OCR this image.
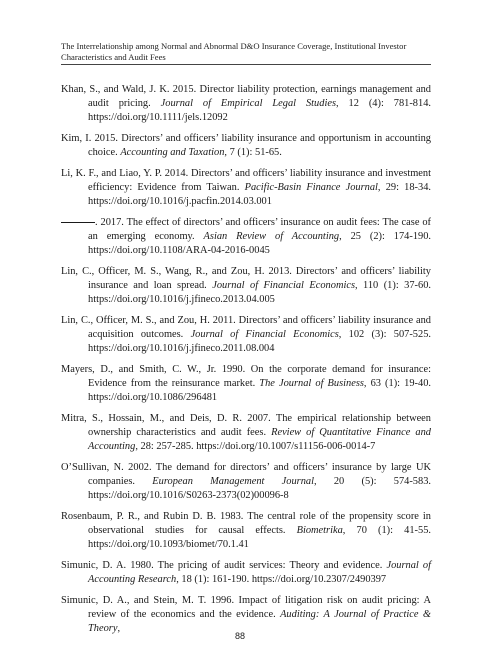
The Interrelationship among Normal and Abnormal D&O Insurance Coverage, Institutional Investor
Characteristics and Audit Fees

Khan, S., and Wald, J. K. 2015. Director liability protection, earnings management and audit pricing. Journal of Empirical Legal Studies, 12 (4): 781-814. https://doi.org/10.1111/jels.12092

Kim, I. 2015. Directors’ and officers’ liability insurance and opportunism in accounting choice. Accounting and Taxation, 7 (1): 51-65.

Li, K. F., and Liao, Y. P. 2014. Directors’ and officers’ liability insurance and investment efficiency: Evidence from Taiwan. Pacific-Basin Finance Journal, 29: 18-34. https://doi.org/10.1016/j.pacfin.2014.03.001

. 2017. The effect of directors’ and officers’ insurance on audit fees: The case of an emerging economy. Asian Review of Accounting, 25 (2): 174-190. https://doi.org/10.1108/ARA-04-2016-0045

Lin, C., Officer, M. S., Wang, R., and Zou, H. 2013. Directors’ and officers’ liability insurance and loan spread. Journal of Financial Economics, 110 (1): 37-60. https://doi.org/10.1016/j.jfineco.2013.04.005

Lin, C., Officer, M. S., and Zou, H. 2011. Directors’ and officers’ liability insurance and acquisition outcomes. Journal of Financial Economics, 102 (3): 507-525. https://doi.org/10.1016/j.jfineco.2011.08.004

Mayers, D., and Smith, C. W., Jr. 1990. On the corporate demand for insurance: Evidence from the reinsurance market. The Journal of Business, 63 (1): 19-40. https://doi.org/10.1086/296481

Mitra, S., Hossain, M., and Deis, D. R. 2007. The empirical relationship between ownership characteristics and audit fees. Review of Quantitative Finance and Accounting, 28: 257-285. https://doi.org/10.1007/s11156-006-0014-7

O’Sullivan, N. 2002. The demand for directors’ and officers’ insurance by large UK companies. European Management Journal, 20 (5): 574-583. https://doi.org/10.1016/S0263-2373(02)00096-8

Rosenbaum, P. R., and Rubin D. B. 1983. The central role of the propensity score in observational studies for causal effects. Biometrika, 70 (1): 41-55. https://doi.org/10.1093/biomet/70.1.41

Simunic, D. A. 1980. The pricing of audit services: Theory and evidence. Journal of Accounting Research, 18 (1): 161-190. https://doi.org/10.2307/2490397

Simunic, D. A., and Stein, M. T. 1996. Impact of litigation risk on audit pricing: A review of the economics and the evidence. Auditing: A Journal of Practice & Theory,

88
